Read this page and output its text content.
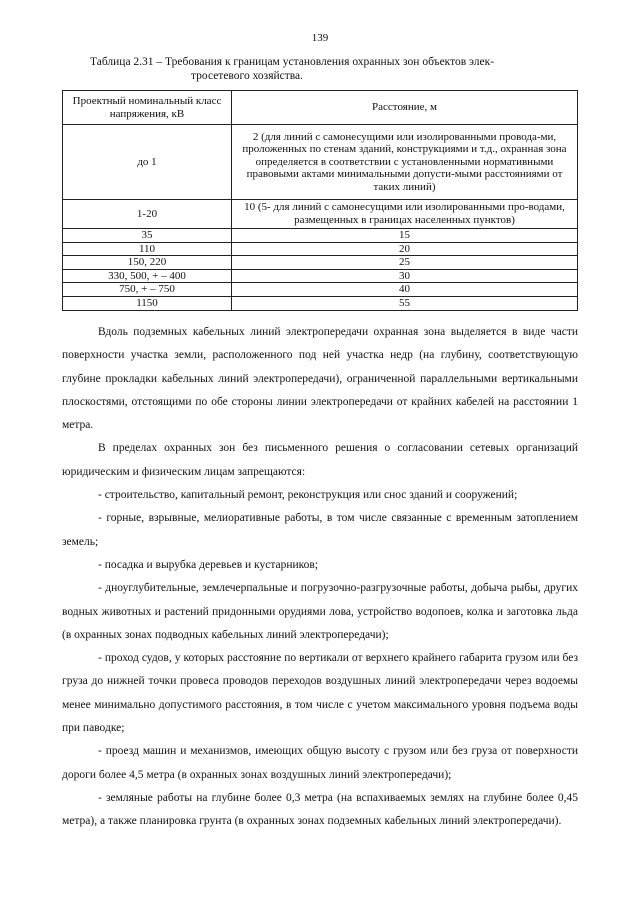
139
Таблица 2.31 – Требования к границам установления охранных зон объектов элек-
тросетевого хозяйства.
Проектный номинальный класс напряжения, кВ	Расстояние, м
до 1	2 (для линий с самонесущими или изолированными провода-ми, проложенных по стенам зданий, конструкциями и т.д., охранная зона определяется в соответствии с установленными нормативными правовыми актами минимальными допусти-мыми расстояниями от таких линий)
1-20	10 (5- для линий с самонесущими или изолированными про-водами, размещенных в границах населенных пунктов)
35	15
110	20
150, 220	25
330, 500, + – 400	30
750, + – 750	40
1150	55

Вдоль подземных кабельных линий электропередачи охранная зона выделяется в виде части поверхности участка земли, расположенного под ней участка недр (на глубину, соответствующую глубине прокладки кабельных линий электропередачи), ограниченной параллельными вертикальными плоскостями, отстоящими по обе стороны линии электропередачи от крайних кабелей на расстоянии 1 метра.

В пределах охранных зон без письменного решения о согласовании сетевых организаций юридическим и физическим лицам запрещаются:

- строительство, капитальный ремонт, реконструкция или снос зданий и сооружений;

- горные, взрывные, мелиоративные работы, в том числе связанные с временным затоплением земель;

- посадка и вырубка деревьев и кустарников;

- дноуглубительные, землечерпальные и погрузочно-разгрузочные работы, добыча рыбы, других водных животных и растений придонными орудиями лова, устройство водопоев, колка и заготовка льда (в охранных зонах подводных кабельных линий электропередачи);

- проход судов, у которых расстояние по вертикали от верхнего крайнего габарита грузом или без груза до нижней точки провеса проводов переходов воздушных линий электропередачи через водоемы менее минимально допустимого расстояния, в том числе с учетом максимального уровня подъема воды при паводке;

- проезд машин и механизмов, имеющих общую высоту с грузом или без груза от поверхности дороги более 4,5 метра (в охранных зонах воздушных линий электропередачи);

- земляные работы на глубине более 0,3 метра (на вспахиваемых землях на глубине более 0,45 метра), а также планировка грунта (в охранных зонах подземных кабельных линий электропередачи).
